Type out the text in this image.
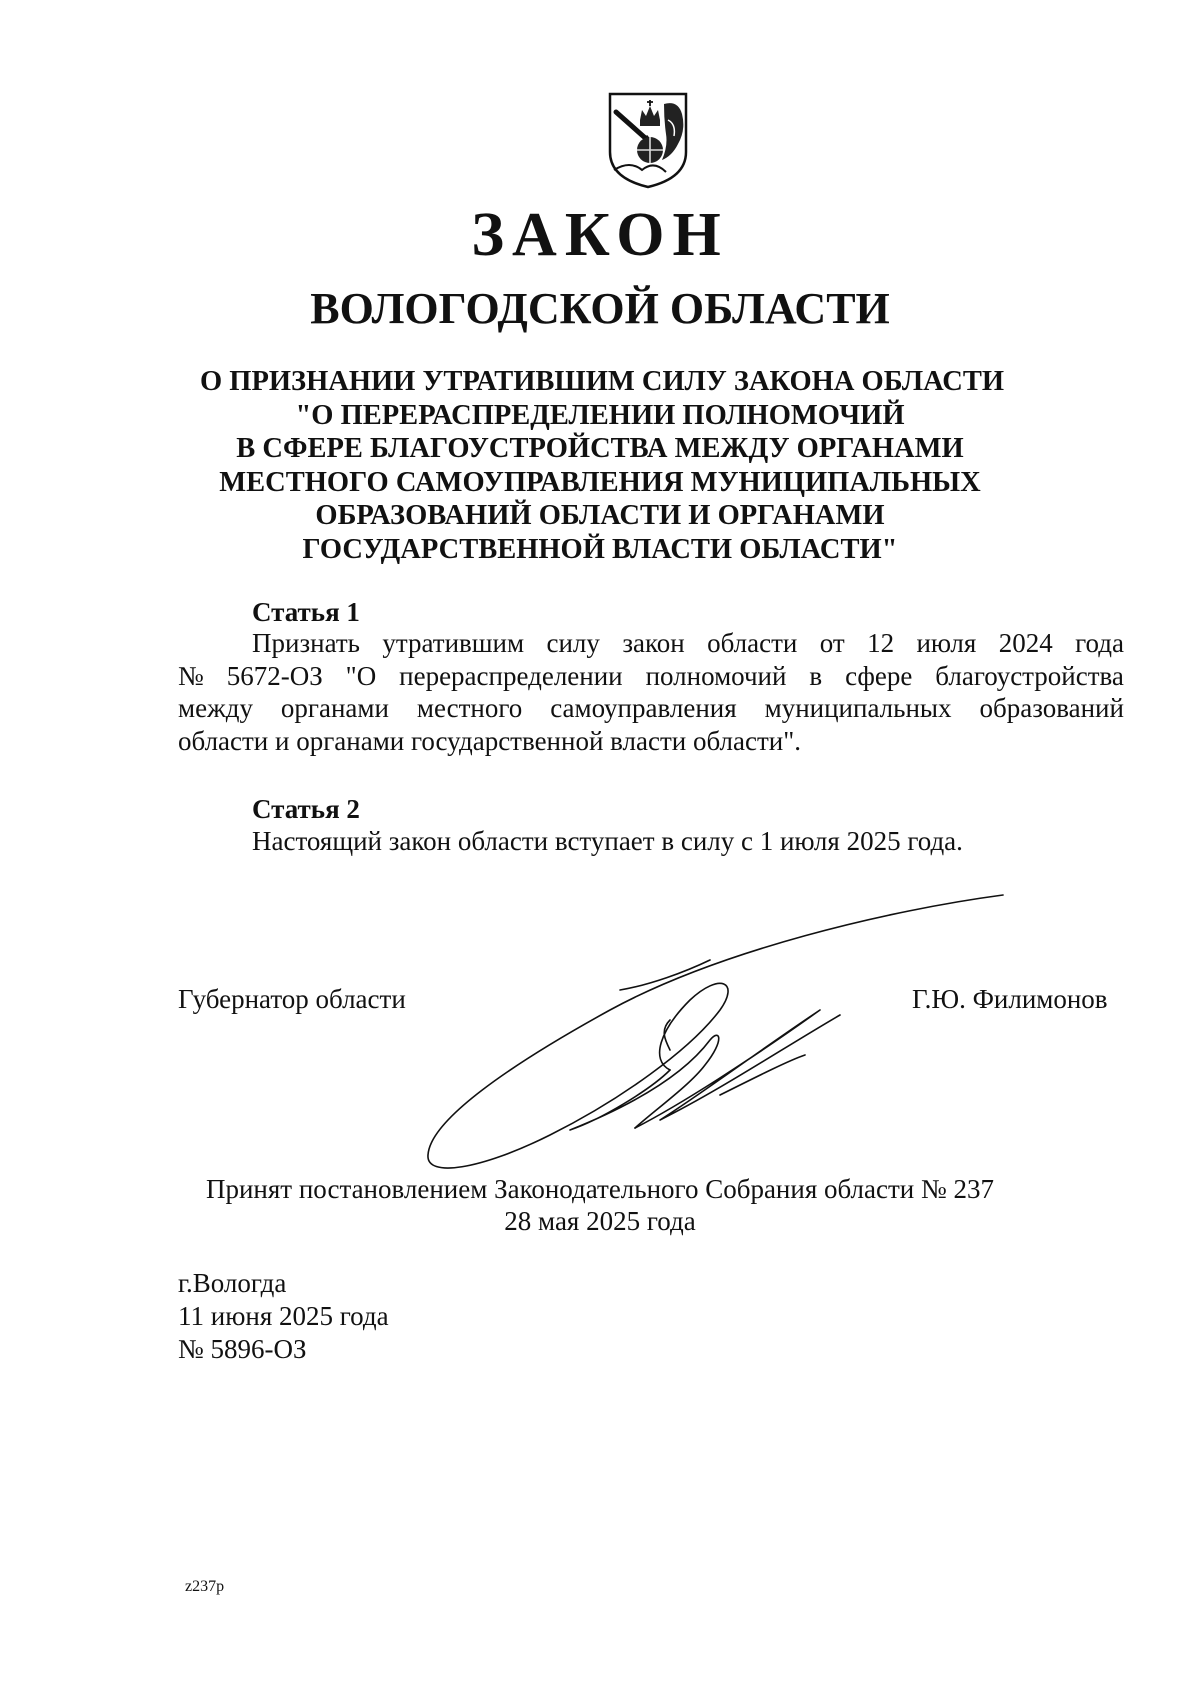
ЗАКОН
ВОЛОГОДСКОЙ ОБЛАСТИ
О ПРИЗНАНИИ УТРАТИВШИМ СИЛУ ЗАКОНА ОБЛАСТИ
"О ПЕРЕРАСПРЕДЕЛЕНИИ ПОЛНОМОЧИЙ
В СФЕРЕ БЛАГОУСТРОЙСТВА МЕЖДУ ОРГАНАМИ
МЕСТНОГО САМОУПРАВЛЕНИЯ МУНИЦИПАЛЬНЫХ
ОБРАЗОВАНИЙ ОБЛАСТИ И ОРГАНАМИ
ГОСУДАРСТВЕННОЙ ВЛАСТИ ОБЛАСТИ"
Статья 1
Признать утратившим силу закон области от 12 июля 2024 года
№ 5672-ОЗ "О перераспределении полномочий в сфере благоустройства
между органами местного самоуправления муниципальных образований
области и органами государственной власти области".
Статья 2
Настоящий закон области вступает в силу с 1 июля 2025 года.
Губернатор области	Г.Ю. Филимонов
Принят постановлением Законодательного Собрания области № 237
28 мая 2025 года
г.Вологда
11 июня 2025 года
№ 5896-ОЗ
z237p
